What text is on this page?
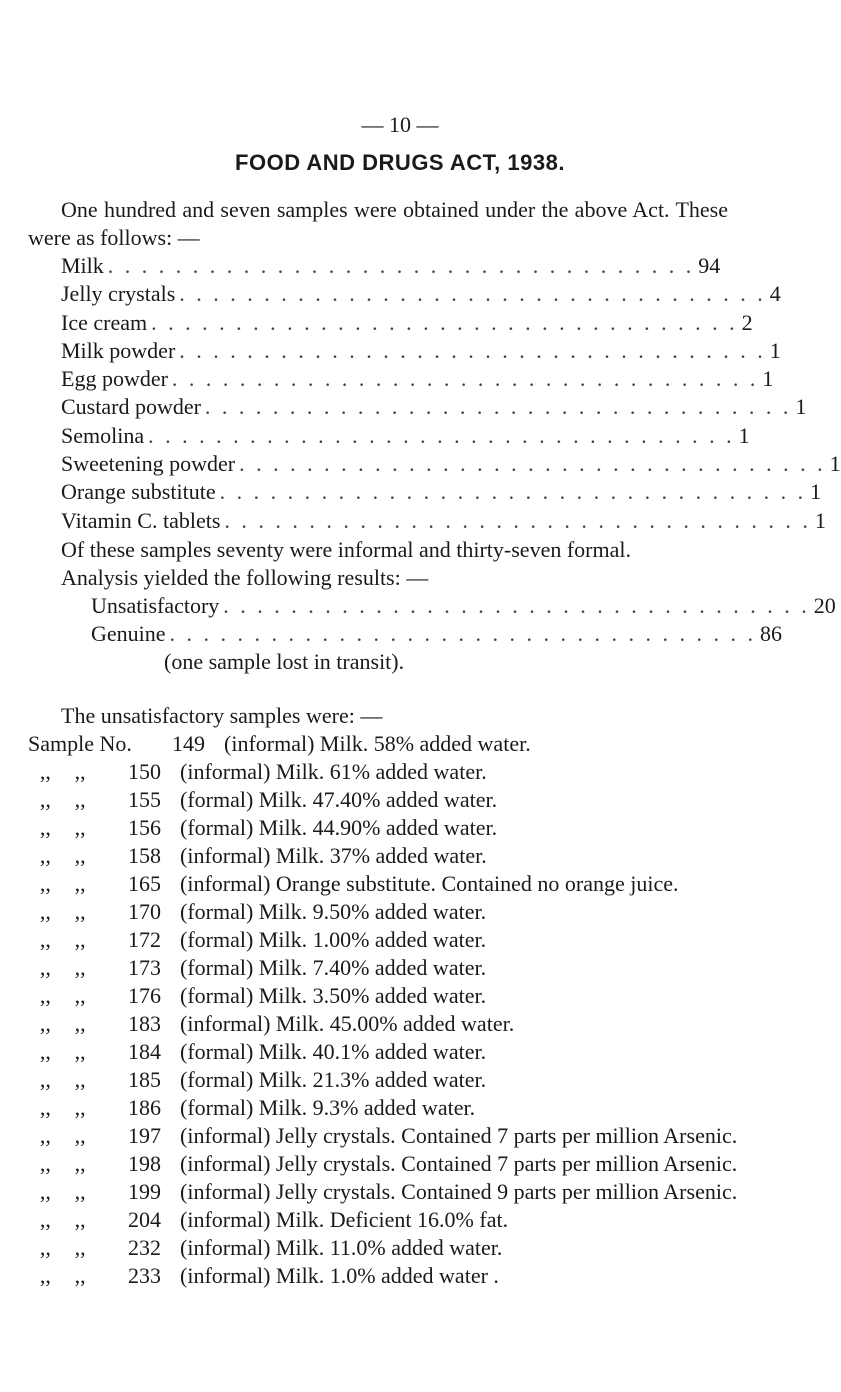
— 10 —
FOOD AND DRUGS ACT, 1938.
One hundred and seven samples were obtained under the above Act. These were as follows: —
Milk . . . . . . . . . . . . . . . . . . . . . . . . . . . . . . . . . . . 94
Jelly crystals . . . . . . . . . . . . . . . . . . . . . . . . . . . . . . . . . . . 4
Ice cream . . . . . . . . . . . . . . . . . . . . . . . . . . . . . . . . . . . 2
Milk powder . . . . . . . . . . . . . . . . . . . . . . . . . . . . . . . . . . . 1
Egg powder . . . . . . . . . . . . . . . . . . . . . . . . . . . . . . . . . . . 1
Custard powder . . . . . . . . . . . . . . . . . . . . . . . . . . . . . . . . . . . 1
Semolina . . . . . . . . . . . . . . . . . . . . . . . . . . . . . . . . . . . 1
Sweetening powder . . . . . . . . . . . . . . . . . . . . . . . . . . . . . . . . . . . 1
Orange substitute . . . . . . . . . . . . . . . . . . . . . . . . . . . . . . . . . . . 1
Vitamin C. tablets . . . . . . . . . . . . . . . . . . . . . . . . . . . . . . . . . . . 1
Of these samples seventy were informal and thirty-seven formal.
Analysis yielded the following results: —
Unsatisfactory . . . . . . . . . . . . . . . . . . . . . . . . . . . . . . . . . . . 20
Genuine . . . . . . . . . . . . . . . . . . . . . . . . . . . . . . . . . . . 86
(one sample lost in transit).
The unsatisfactory samples were: —
Sample No.	149 (informal) Milk. 58% added water.
,,	,,	150 (informal) Milk. 61% added water.
,,	,,	155 (formal) Milk. 47.40% added water.
,,	,,	156 (formal) Milk. 44.90% added water.
,,	,,	158 (informal) Milk. 37% added water.
,,	,,	165 (informal) Orange substitute. Contained no orange juice.
,,	,,	170 (formal) Milk. 9.50% added water.
,,	,,	172 (formal) Milk. 1.00% added water.
,,	,,	173 (formal) Milk. 7.40% added water.
,,	,,	176 (formal) Milk. 3.50% added water.
,,	,,	183 (informal) Milk. 45.00% added water.
,,	,,	184 (formal) Milk. 40.1% added water.
,,	,,	185 (formal) Milk. 21.3% added water.
,,	,,	186 (formal) Milk. 9.3% added water.
,,	,,	197 (informal) Jelly crystals. Contained 7 parts per million Arsenic.
,,	,,	198 (informal) Jelly crystals. Contained 7 parts per million Arsenic.
,,	,,	199 (informal) Jelly crystals. Contained 9 parts per million Arsenic.
,,	,,	204 (informal) Milk. Deficient 16.0% fat.
,,	,,	232 (informal) Milk. 11.0% added water.
,,	,,	233 (informal) Milk. 1.0% added water .
